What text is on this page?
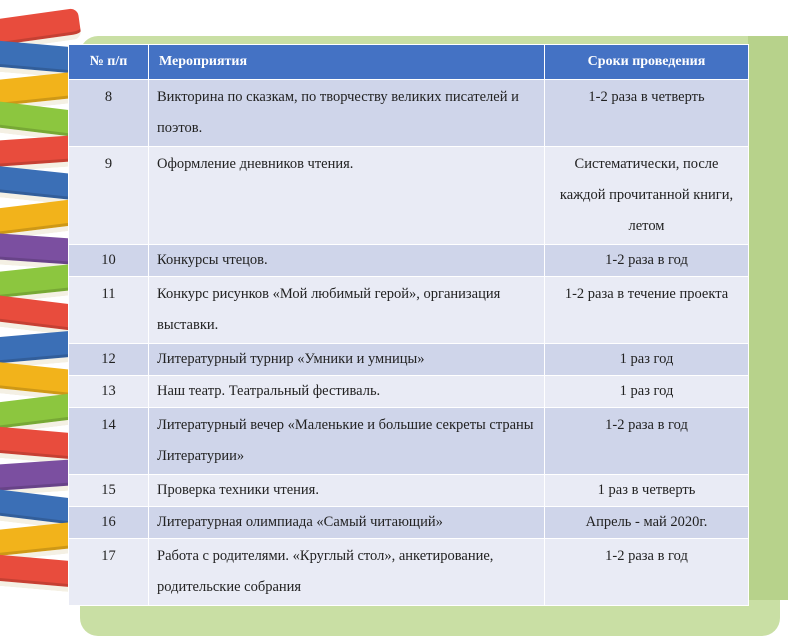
№ п/п	Мероприятия	Сроки проведения
8	Викторина по сказкам, по творчеству великих писателей и поэтов.	1-2 раза в четверть
9	Оформление дневников чтения.	Систематически, после каждой прочитанной книги, летом
10	Конкурсы чтецов.	1-2 раза в год
11	Конкурс рисунков «Мой любимый герой», организация выставки.	1-2 раза в течение проекта
12	Литературный турнир «Умники и умницы»	1 раз год
13	Наш театр. Театральный фестиваль.	1 раз год
14	Литературный вечер «Маленькие и большие секреты страны Литературии»	1-2 раза в год
15	Проверка техники чтения.	1 раз в четверть
16	Литературная олимпиада «Самый читающий»	Апрель - май 2020г.
17	Работа с родителями. «Круглый стол», анкетирование, родительские собрания	1-2 раза в год
